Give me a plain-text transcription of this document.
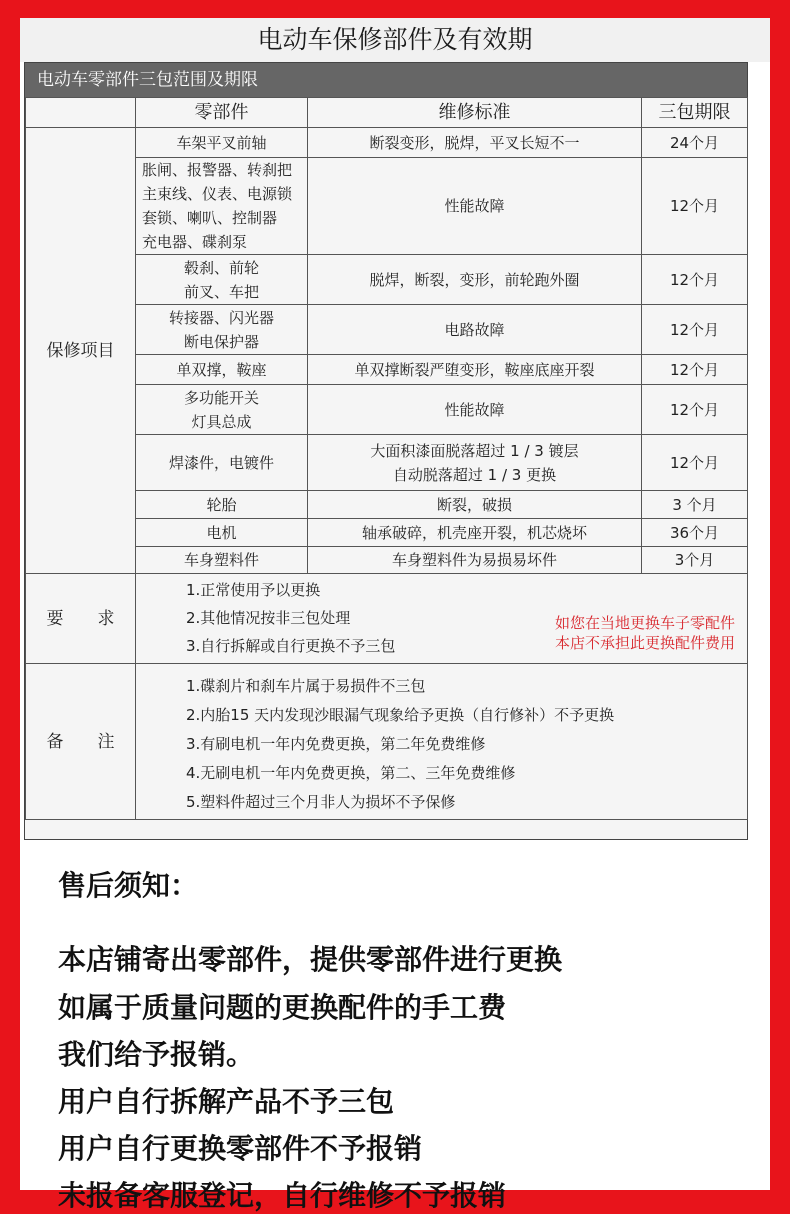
电动车保修部件及有效期
电动车零部件三包范围及期限
	零部件	维修标准	三包期限
保修项目	车架平叉前轴	断裂变形，脱焊，平叉长短不一	24个月

	胀闸、报警器、转刹把
主束线、仪表、电源锁
套锁、喇叭、控制器
充电器、碟刹泵	性能故障	12个月

	毂刹、前轮
前叉、车把	脱焊，断裂，变形，前轮跑外圈	12个月

	转接器、闪光器
断电保护器	电路故障	12个月

	单双撑，鞍座	单双撑断裂严堕变形，鞍座底座开裂	12个月

	多功能开关
灯具总成	性能故障	12个月

	焊漆件，电镀件	大面积漆面脱落超过 1 / 3 镀层
自动脱落超过 1 / 3 更换	12个月

	轮胎	断裂，破损	3 个月

	电机	轴承破碎，机壳座开裂，机芯烧坏	36个月

	车身塑料件	车身塑料件为易损易坏件	3个月
要　　求	1.正常使用予以更换
2.其他情况按非三包处理
3.自行拆解或自行更换不予三包
如您在当地更换车子零配件
本店不承担此更换配件费用		

备　　注	1.碟刹片和刹车片属于易损件不三包
2.内胎15 天内发现沙眼漏气现象给予更换（自行修补）不予更换
3.有刷电机一年内免费更换，第二年免费维修
4.无刷电机一年内免费更换，第二、三年免费维修
5.塑料件超过三个月非人为损坏不予保修		
售后须知：
本店铺寄出零部件，提供零部件进行更换
如属于质量问题的更换配件的手工费
我们给予报销。
用户自行拆解产品不予三包
用户自行更换零部件不予报销
未报备客服登记，自行维修不予报销
